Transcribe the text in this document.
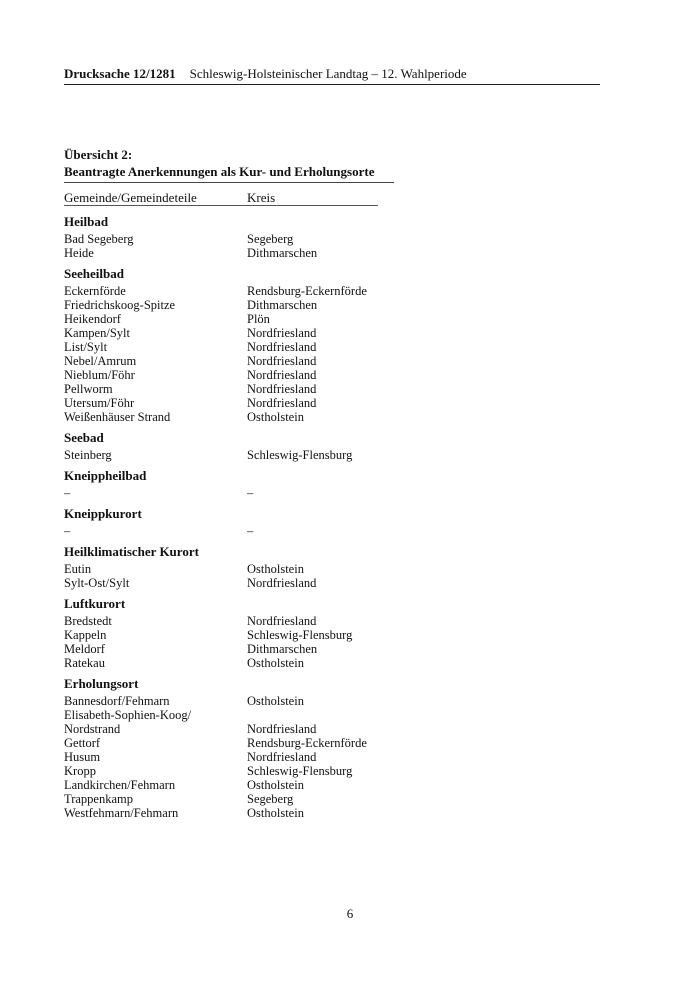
Drucksache 12/1281 Schleswig-Holsteinischer Landtag – 12. Wahlperiode
Übersicht 2:
Beantragte Anerkennungen als Kur- und Erholungsorte
Gemeinde/Gemeindeteile	Kreis
Heilbad
Bad Segeberg	Segeberg
Heide	Dithmarschen
Seeheilbad
Eckernförde	Rendsburg-Eckernförde
Friedrichskoog-Spitze	Dithmarschen
Heikendorf	Plön
Kampen/Sylt	Nordfriesland
List/Sylt	Nordfriesland
Nebel/Amrum	Nordfriesland
Nieblum/Föhr	Nordfriesland
Pellworm	Nordfriesland
Utersum/Föhr	Nordfriesland
Weißenhäuser Strand	Ostholstein
Seebad
Steinberg	Schleswig-Flensburg
Kneippheilbad
–	–
Kneippkurort
–	–
Heilklimatischer Kurort
Eutin	Ostholstein
Sylt-Ost/Sylt	Nordfriesland
Luftkurort
Bredstedt	Nordfriesland
Kappeln	Schleswig-Flensburg
Meldorf	Dithmarschen
Ratekau	Ostholstein
Erholungsort
Bannesdorf/Fehmarn	Ostholstein
Elisabeth-Sophien-Koog/
Nordstrand	Nordfriesland
Gettorf	Rendsburg-Eckernförde
Husum	Nordfriesland
Kropp	Schleswig-Flensburg
Landkirchen/Fehmarn	Ostholstein
Trappenkamp	Segeberg
Westfehmarn/Fehmarn	Ostholstein
6
